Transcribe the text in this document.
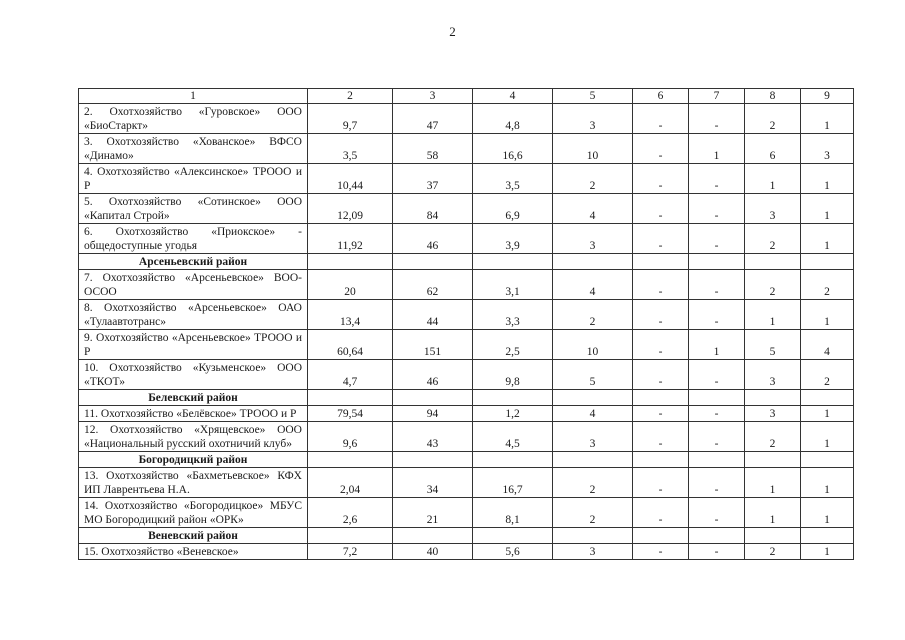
2
1	2	3	4	5	6	7	8	9
2. Охотхозяйство «Гуровское» ООО «БиоСтаркт»	9,7	47	4,8	3	-	-	2	1
3. Охотхозяйство «Хованское» ВФСО «Динамо»	3,5	58	16,6	10	-	1	6	3
4. Охотхозяйство «Алексинское» ТРООО и Р	10,44	37	3,5	2	-	-	1	1
5. Охотхозяйство «Сотинское» ООО «Капитал Строй»	12,09	84	6,9	4	-	-	3	1
6. Охотхозяйство «Приокское» - общедоступные угодья	11,92	46	3,9	3	-	-	2	1
Арсеньевский район								
7. Охотхозяйство «Арсеньевское» ВОО-ОСОО	20	62	3,1	4	-	-	2	2
8. Охотхозяйство «Арсеньевское» ОАО «Тулаавтотранс»	13,4	44	3,3	2	-	-	1	1
9. Охотхозяйство «Арсеньевское» ТРООО и Р	60,64	151	2,5	10	-	1	5	4
10. Охотхозяйство «Кузьменское» ООО «ТКОТ»	4,7	46	9,8	5	-	-	3	2
Белевский район								
11. Охотхозяйство «Белёвское» ТРООО и Р	79,54	94	1,2	4	-	-	3	1
12. Охотхозяйство «Хрящевское» ООО «Национальный русский охотничий клуб»	9,6	43	4,5	3	-	-	2	1
Богородицкий район								
13. Охотхозяйство «Бахметьевское» КФХ ИП Лаврентьева Н.А.	2,04	34	16,7	2	-	-	1	1
14. Охотхозяйство «Богородицкое» МБУС МО Богородицкий район «ОРК»	2,6	21	8,1	2	-	-	1	1
Веневский район								
15. Охотхозяйство «Веневское»	7,2	40	5,6	3	-	-	2	1
